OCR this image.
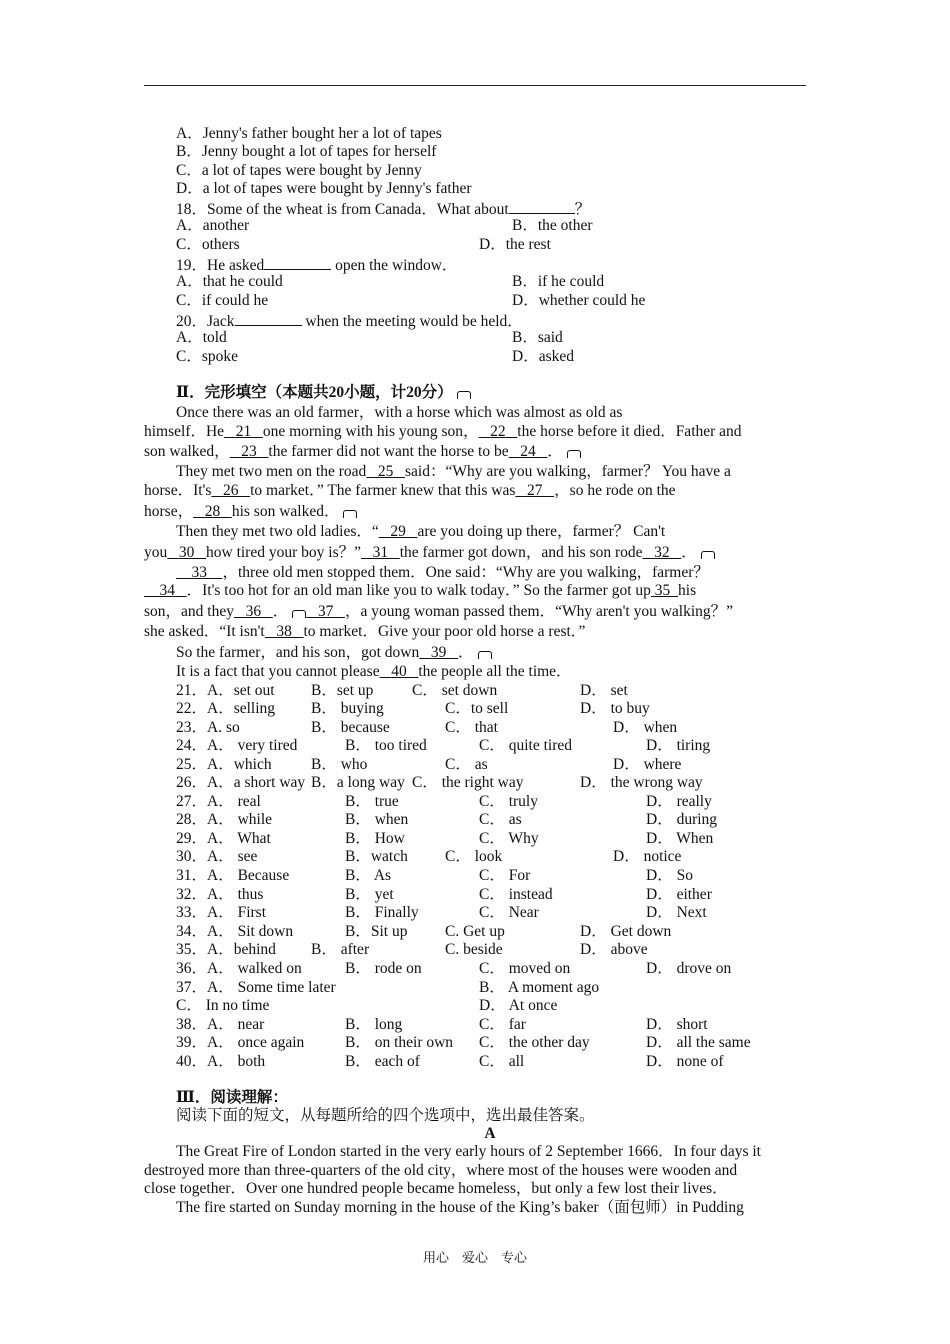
A．Jenny's father bought her a lot of tapes
B．Jenny bought a lot of tapes for herself
C．a lot of tapes were bought by Jenny
D．a lot of tapes were bought by Jenny's father
18．Some of the wheat is from Canada．What about	？
A．another	B．the other
C．others	D．the rest
19．He asked	open the window．
A．that he could	B．if he could
C．if could he	D．whether could he
20．Jack	when the meeting would be held．
A．told	B．said
C．spoke	D．asked
Ⅱ．完形填空（本题共20小题，计20分）
Once there was an old farmer，with a horse which was almost as old as
himself．He 21 one morning with his young son， 22 the horse before it died．Father and
son walked， 23 the farmer did not want the horse to be 24 ．
They met two men on the road 25 said：“Why are you walking，farmer？ You have a
horse．It's 26 to market．” The farmer knew that this was 27 ，so he rode on the
horse， 28 his son walked．
Then they met two old ladies．“ 29 are you doing up there，farmer？ Can't
you 30 how tired your boy is？” 31 the farmer got down，and his son rode 32 ．
33 ，three old men stopped them．One said：“Why are you walking，farmer？
34 ．It's too hot for an old man like you to walk today．” So the farmer got up 35 his
son，and they 36 ． 37 ，a young woman passed them．“Why aren't you walking？”
she asked．“It isn't 38 to market．Give your poor old horse a rest．”
So the farmer，and his son，got down 39 ．
It is a fact that you cannot please 40 the people all the time．
21．A．set out B．set up C． set down	D． set
22．A．selling B． buying	C．to sell	D． to buy
23．A. so	B． because	C． that	D． when
24．A． very tired	B． too tired	C． quite tired	D． tiring
25．A．which	B． who	C． as	D． where
26．A．a short way B．a long way C． the right way	D． the wrong way
27．A． real	B． true	C． truly	D． really
28．A． while	B． when	C． as	D． during
29．A． What	B． How	C． Why	D． When
30．A． see	B．watch C． look	D． notice
31．A． Because	B． As	C． For	D． So
32．A． thus	B． yet	C． instead	D． either
33．A． First	B． Finally	C． Near	D． Next
34．A． Sit down	B．Sit up C. Get up	D． Get down
35．A．behind B． after	C. beside	D． above
36．A． walked on	B． rode on	C． moved on	D． drove on
37．A． Some time later	B． A moment ago
C． In no time	D． At once
38．A． near	B． long	C． far	D． short
39．A． once again	B． on their own C． the other day	D． all the same
40．A． both	B． each of	C． all	D． none of
Ⅲ．阅读理解：
阅读下面的短文，从每题所给的四个选项中，选出最佳答案。
A
The Great Fire of London started in the very early hours of 2 September 1666．In four days it
destroyed more than three-quarters of the old city，where most of the houses were wooden and
close together．Over one hundred people became homeless，but only a few lost their lives．
The fire started on Sunday morning in the house of the King’s baker（面包师）in Pudding
用心　爱心　专心
